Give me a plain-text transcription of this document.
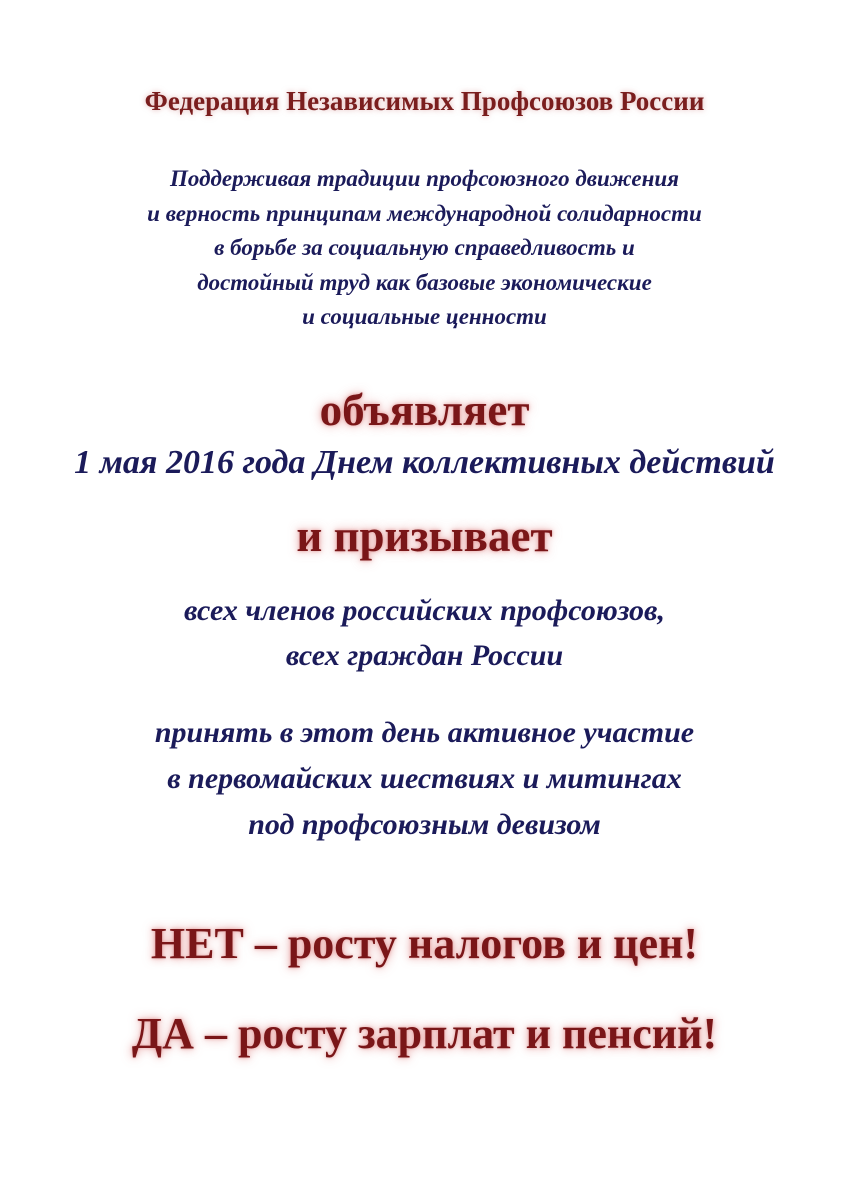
Федерация Независимых Профсоюзов России
Поддерживая традиции профсоюзного движения
и верность принципам международной солидарности
в борьбе за социальную справедливость и
достойный труд как базовые экономические
и социальные ценности
объявляет
1 мая 2016 года Днем коллективных действий
и призывает
всех членов российских профсоюзов,
всех граждан России
принять в этот день активное участие
в первомайских шествиях и митингах
под профсоюзным девизом
НЕТ – росту налогов и цен!
ДА – росту зарплат и пенсий!
